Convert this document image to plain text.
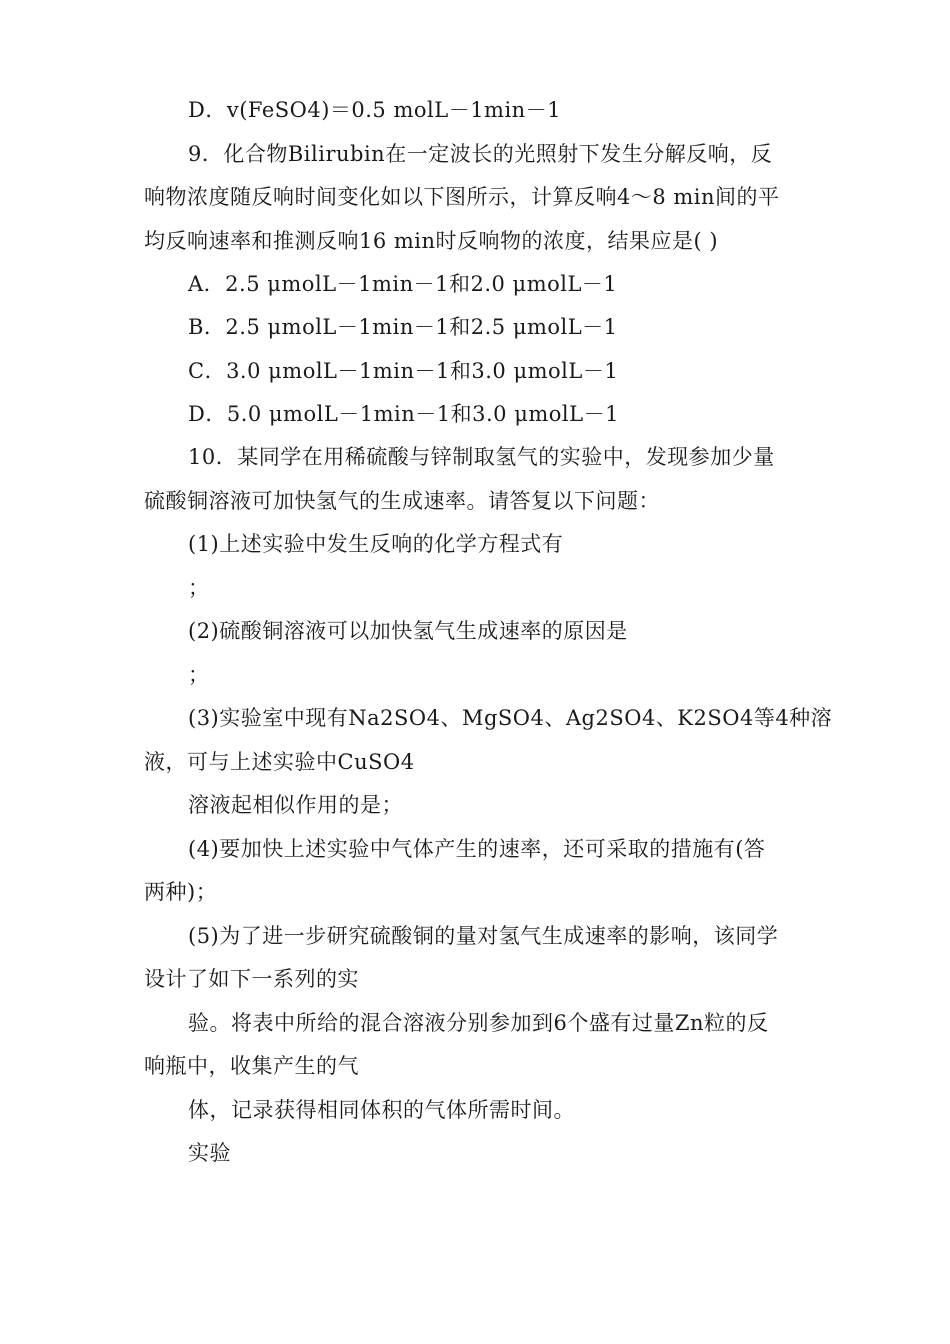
D．v(FeSO4)＝0.5 molL－1min－1
9．化合物Bilirubin在一定波长的光照射下发生分解反响，反
响物浓度随反响时间变化如以下图所示，计算反响4～8 min间的平
均反响速率和推测反响16 min时反响物的浓度，结果应是( )
A．2.5 μmolL－1min－1和2.0 μmolL－1
B．2.5 μmolL－1min－1和2.5 μmolL－1
C．3.0 μmolL－1min－1和3.0 μmolL－1
D．5.0 μmolL－1min－1和3.0 μmolL－1
10．某同学在用稀硫酸与锌制取氢气的实验中，发现参加少量
硫酸铜溶液可加快氢气的生成速率。请答复以下问题：
(1)上述实验中发生反响的化学方程式有
；
(2)硫酸铜溶液可以加快氢气生成速率的原因是
；
(3)实验室中现有Na2SO4、MgSO4、Ag2SO4、K2SO4等4种溶
液，可与上述实验中CuSO4
溶液起相似作用的是；
(4)要加快上述实验中气体产生的速率，还可采取的措施有(答
两种)；
(5)为了进一步研究硫酸铜的量对氢气生成速率的影响，该同学
设计了如下一系列的实
验。将表中所给的混合溶液分别参加到6个盛有过量Zn粒的反
响瓶中，收集产生的气
体，记录获得相同体积的气体所需时间。
实验
